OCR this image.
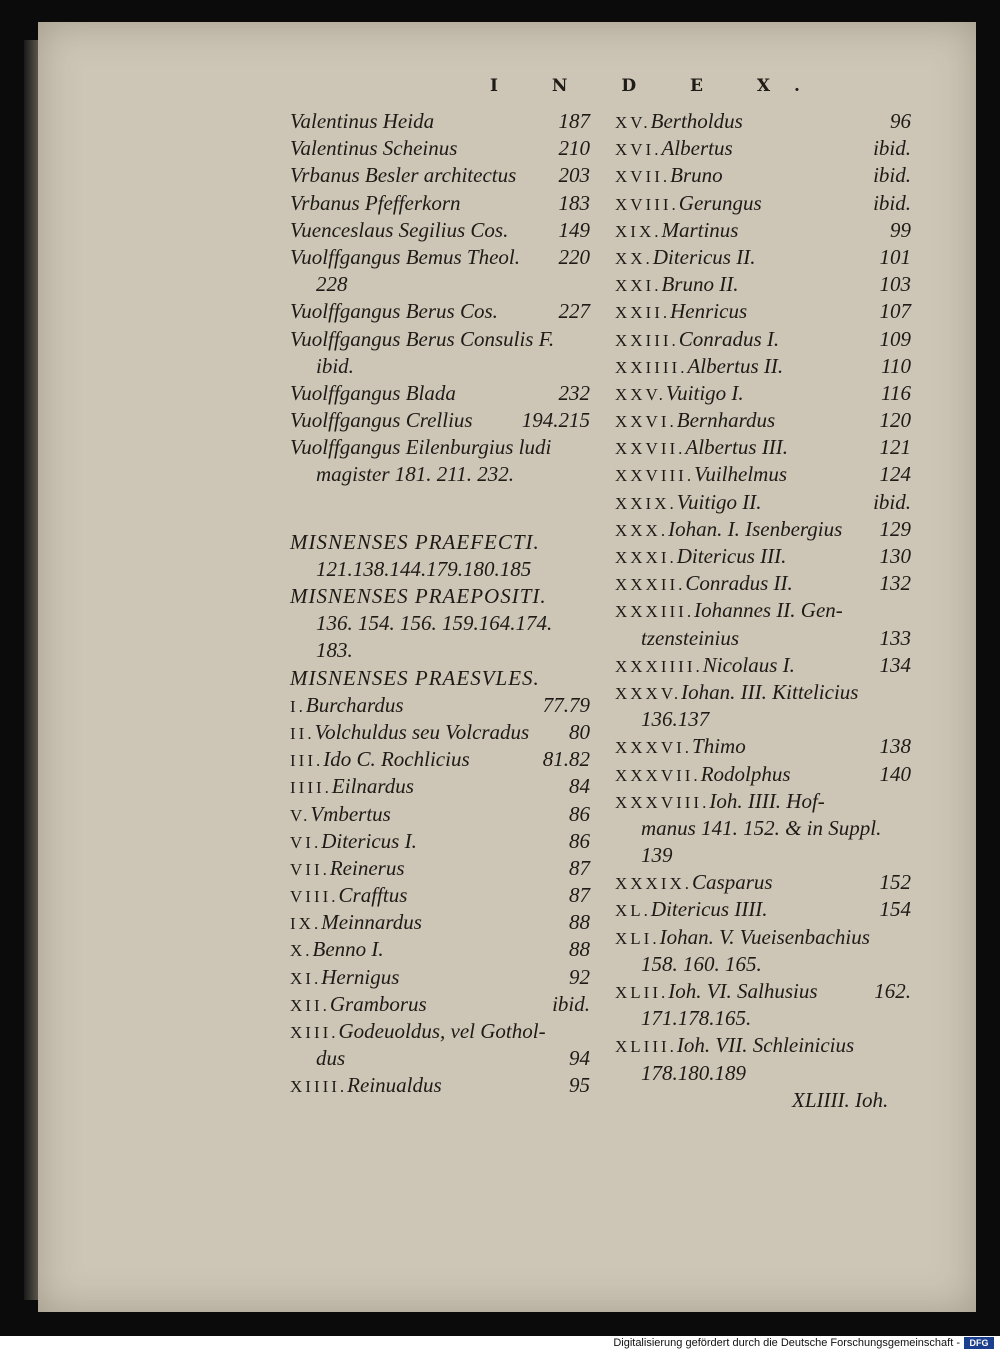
I N D E X.
Valentinus Heida	187
Valentinus Scheinus	210
Vrbanus Besler architectus 203
Vrbanus Pfefferkorn	183
Vuenceslaus Segilius Cos. 149
Vuolffgangus Bemus Theol. 220
228
Vuolffgangus Berus Cos.	227
Vuolffgangus Berus Consulis F.
ibid.
Vuolffgangus Blada	232
Vuolffgangus Crellius 194.215
Vuolffgangus Eilenburgius ludi
magister 181. 211. 232.
MISNENSES PRAEFECTI.
121.138.144.179.180.185
MISNENSES PRAEPOSITI.
136. 154. 156. 159.164.174.
183.
MISNENSES PRAESVLES.
I.Burchardus	77.79
II.Volchuldus seu Volcradus 80
III.Ido C. Rochlicius	81.82
IIII.Eilnardus	84
V.Vmbertus	86
VI.Ditericus I.	86
VII.Reinerus	87
VIII.Crafftus	87
IX.Meinnardus	88
X.Benno I.	88
XI.Hernigus	92
XII.Gramborus	ibid.
XIII.Godeuoldus, vel Gothol-
dus	94
XIIII.Reinualdus	95
XV.Bertholdus	96
XVI.Albertus	ibid.
XVII.Bruno	ibid.
XVIII.Gerungus	ibid.
XIX.Martinus	99
XX.Ditericus II.	101
XXI.Bruno II.	103
XXII.Henricus	107
XXIII.Conradus I.	109
XXIIII.Albertus II.	110
XXV.Vuitigo I.	116
XXVI.Bernhardus	120
XXVII.Albertus III.	121
XXVIII.Vuilhelmus	124
XXIX.Vuitigo II.	ibid.
XXX.Iohan. I. Isenbergius 129
XXXI.Ditericus III.	130
XXXII.Conradus II.	132
XXXIII.Iohannes II. Gen-
tzensteinius	133
XXXIIII.Nicolaus I.	134
XXXV.Iohan. III. Kittelicius
136.137
XXXVI.Thimo	138
XXXVII.Rodolphus	140
XXXVIII.Ioh. IIII. Hof-
manus 141. 152. & in Suppl.
139
XXXIX.Casparus	152
XL.Ditericus IIII.	154
XLI.Iohan. V. Vueisenbachius
158. 160. 165.
XLII.Ioh. VI. Salhusius	162.
171.178.165.
XLIII.Ioh. VII. Schleinicius
178.180.189
XLIIII. Ioh.
Digitalisierung gefördert durch die Deutsche Forschungsgemeinschaft -	DFG
